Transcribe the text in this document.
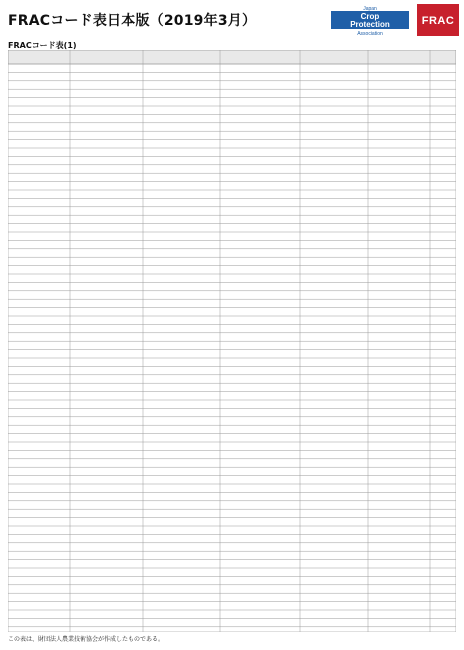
FRACコード表日本版（2019年3月）
Japan
Crop
Protection
Association
FRAC
FRACコード表(1)
この表は、財団法人農業技術協会が作成したものである。
